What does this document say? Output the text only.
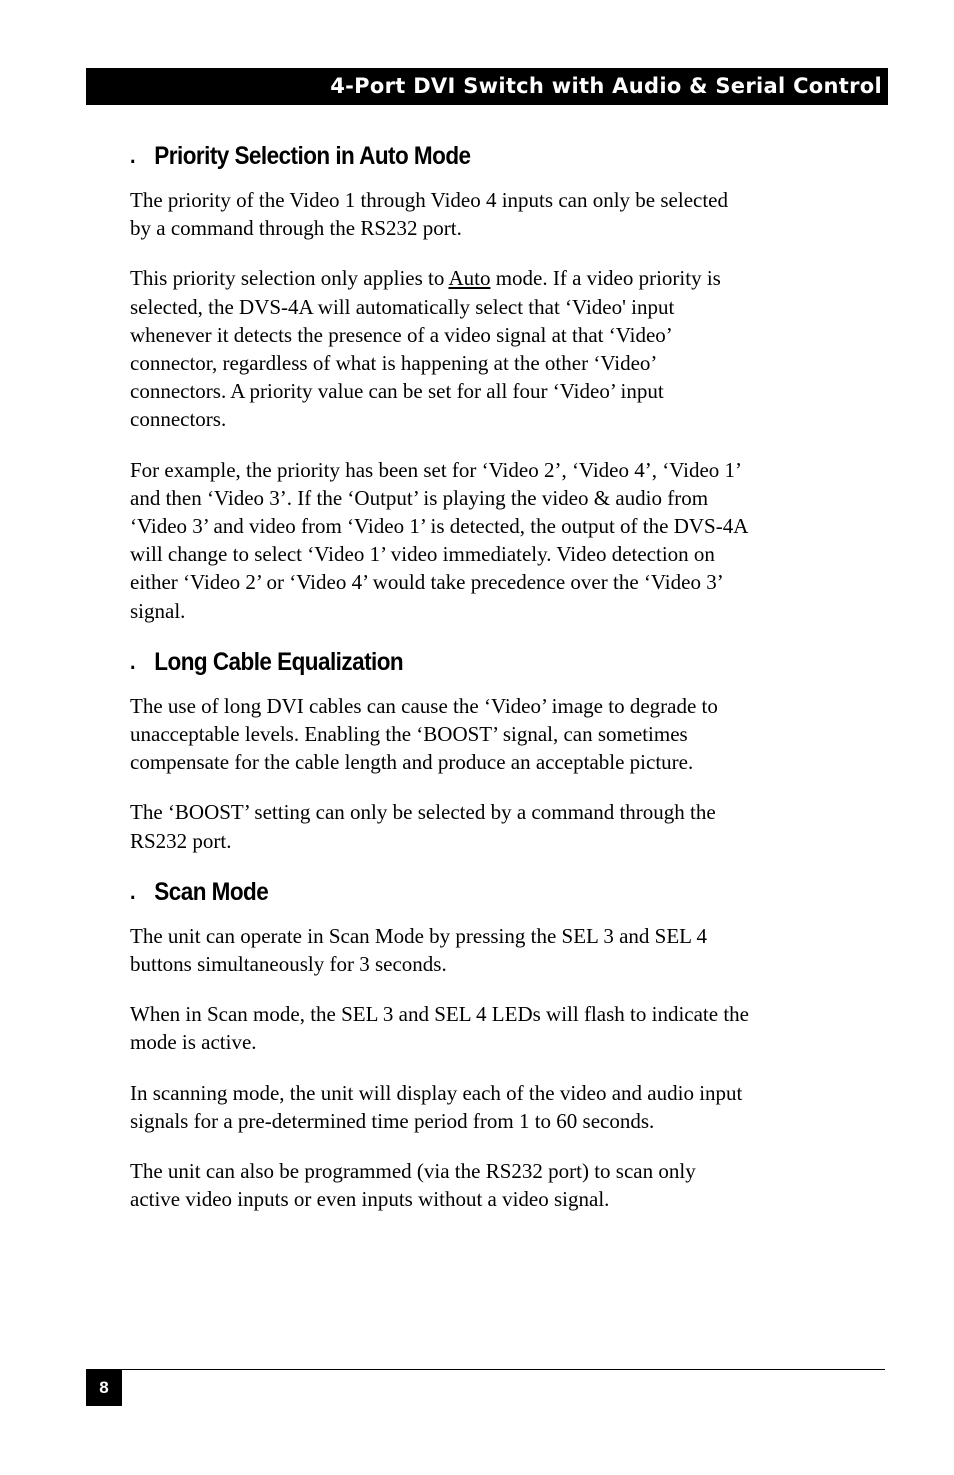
4-Port DVI Switch with Audio & Serial Control
. Priority Selection in Auto Mode

The priority of the Video 1 through Video 4 inputs can only be selected
by a command through the RS232 port.

This priority selection only applies to Auto mode. If a video priority is
selected, the DVS-4A will automatically select that ‘Video' input
whenever it detects the presence of a video signal at that ‘Video’
connector, regardless of what is happening at the other ‘Video’
connectors. A priority value can be set for all four ‘Video’ input
connectors.

For example, the priority has been set for ‘Video 2’, ‘Video 4’, ‘Video 1’
and then ‘Video 3’. If the ‘Output’ is playing the video & audio from
‘Video 3’ and video from ‘Video 1’ is detected, the output of the DVS-4A
will change to select ‘Video 1’ video immediately. Video detection on
either ‘Video 2’ or ‘Video 4’ would take precedence over the ‘Video 3’
signal.

. Long Cable Equalization

The use of long DVI cables can cause the ‘Video’ image to degrade to
unacceptable levels. Enabling the ‘BOOST’ signal, can sometimes
compensate for the cable length and produce an acceptable picture.

The ‘BOOST’ setting can only be selected by a command through the
RS232 port.

. Scan Mode

The unit can operate in Scan Mode by pressing the SEL 3 and SEL 4
buttons simultaneously for 3 seconds.

When in Scan mode, the SEL 3 and SEL 4 LEDs will flash to indicate the
mode is active.

In scanning mode, the unit will display each of the video and audio input
signals for a pre-determined time period from 1 to 60 seconds.

The unit can also be programmed (via the RS232 port) to scan only
active video inputs or even inputs without a video signal.

8
